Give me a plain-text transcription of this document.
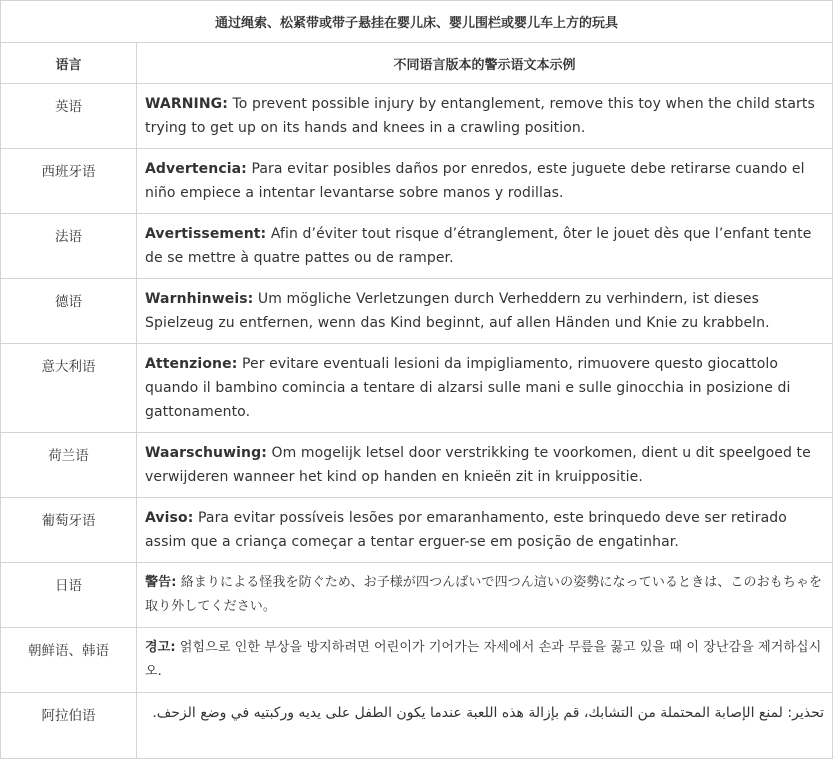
通过绳索、松紧带或带子悬挂在婴儿床、婴儿围栏或婴儿车上方的玩具	
语言	不同语言版本的警示语文本示例
英语	WARNING: To prevent possible injury by entanglement, remove this toy when the child starts trying to get up on its hands and knees in a crawling position.
西班牙语	Advertencia: Para evitar posibles daños por enredos, este juguete debe retirarse cuando el niño empiece a intentar levantarse sobre manos y rodillas.
法语	Avertissement: Afin d’éviter tout risque d’étranglement, ôter le jouet dès que l’enfant tente de se mettre à quatre pattes ou de ramper.
德语	Warnhinweis: Um mögliche Verletzungen durch Verheddern zu verhindern, ist dieses Spielzeug zu entfernen, wenn das Kind beginnt, auf allen Händen und Knie zu krabbeln.
意大利语	Attenzione: Per evitare eventuali lesioni da impigliamento, rimuovere questo giocattolo quando il bambino comincia a tentare di alzarsi sulle mani e sulle ginocchia in posizione di gattonamento.
荷兰语	Waarschuwing: Om mogelijk letsel door verstrikking te voorkomen, dient u dit speelgoed te verwijderen wanneer het kind op handen en knieën zit in kruippositie.
葡萄牙语	Aviso: Para evitar possíveis lesões por emaranhamento, este brinquedo deve ser retirado assim que a criança começar a tentar erguer-se em posição de engatinhar.
日语	警告: 絡まりによる怪我を防ぐため、お子様が四つんばいで四つん這いの姿勢になっているときは、このおもちゃを取り外してください。
朝鲜语、韩语	경고: 얽힘으로 인한 부상을 방지하려면 어린이가 기어가는 자세에서 손과 무릎을 꿇고 있을 때 이 장난감을 제거하십시오.
阿拉伯语	تحذير: لمنع الإصابة المحتملة من التشابك، قم بإزالة هذه اللعبة عندما يكون الطفل على يديه وركبتيه في وضع الزحف.
